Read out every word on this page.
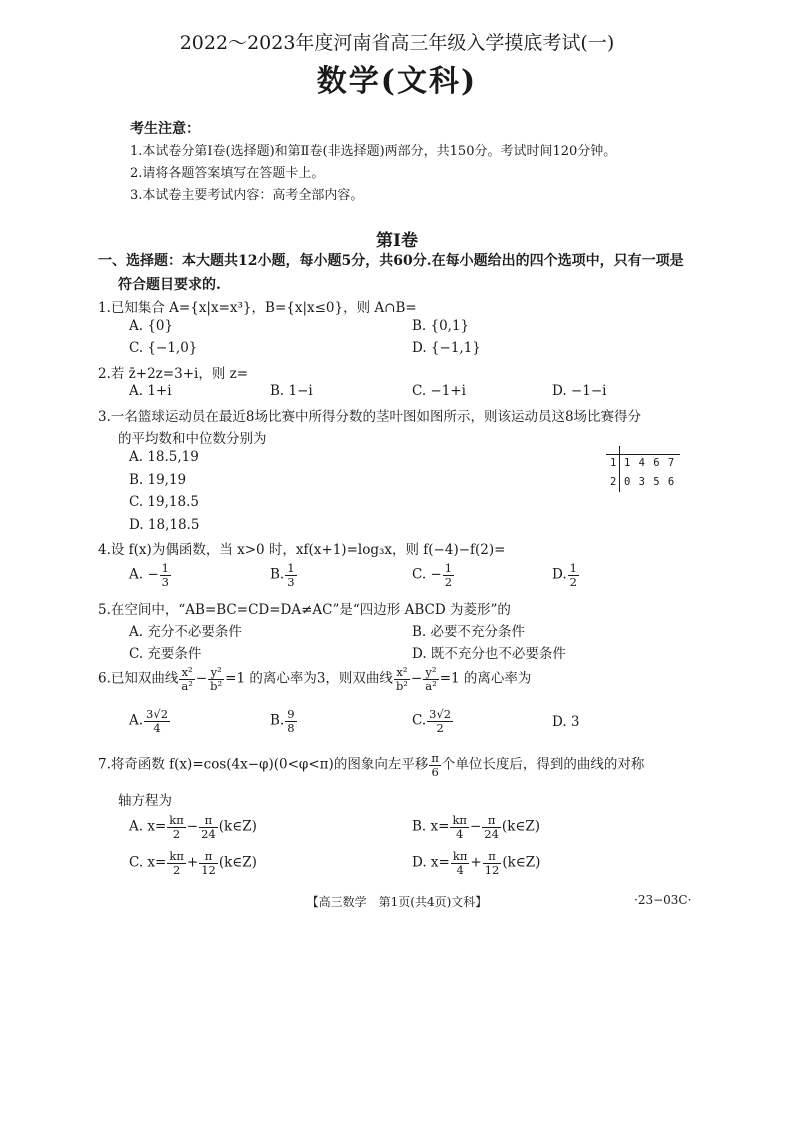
2022～2023年度河南省高三年级入学摸底考试(一)
数学(文科)
考生注意：
1.本试卷分第Ⅰ卷(选择题)和第Ⅱ卷(非选择题)两部分，共150分。考试时间120分钟。
2.请将各题答案填写在答题卡上。
3.本试卷主要考试内容：高考全部内容。
第Ⅰ卷
一、选择题：本大题共12小题，每小题5分，共60分.在每小题给出的四个选项中，只有一项是
符合题目要求的.
1.已知集合 A={x|x=x³}，B={x|x≤0}，则 A∩B=
A. {0}	B. {0,1}
C. {−1,0}	D. {−1,1}
2.若 z̄+2z=3+i，则 z=
A. 1+i	B. 1−i	C. −1+i	D. −1−i
3.一名篮球运动员在最近8场比赛中所得分数的茎叶图如图所示，则该运动员这8场比赛得分
的平均数和中位数分别为
A. 18.5,19
B. 19,19
C. 19,18.5
D. 18,18.5
1 1 4 6 7
2 0 3 5 6
4.设 f(x)为偶函数，当 x>0 时，xf(x+1)=log₃x，则 f(−4)−f(2)=
A. − $\frac{1}{3}$	B. $\frac{1}{3}$	C. − $\frac{1}{2}$	D. $\frac{1}{2}$
5.在空间中，“AB=BC=CD=DA≠AC”是“四边形 ABCD 为菱形”的
A. 充分不必要条件	B. 必要不充分条件
C. 充要条件	D. 既不充分也不必要条件
6.已知双曲线 $\frac{\text{x²}}{\text{a²}} - \frac{\text{y²}}{\text{b²}} =1$ 的离心率为3，则双曲线 $\frac{\text{x²}}{\text{b²}} - \frac{\text{y²}}{\text{a²}} =1$ 的离心率为
A. $\frac{3√2}{4}$	B. $\frac{9}{8}$	C. $\frac{3√2}{2}$	D. 3
7.将奇函数 f(x)=cos(4x−φ)(0<φ<π)的图象向左平移 $\frac{\pi}{6}$ 个单位长度后，得到的曲线的对称
轴方程为
A. $x= \frac{k\pi}{2} - \frac{\pi}{24}$ (k∈Z)	B. $x= \frac{k\pi}{4} - \frac{\pi}{24}$ (k∈Z)
C. $x= \frac{k\pi}{2} + \frac{\pi}{12}$ (k∈Z)	D. $x= \frac{k\pi}{4} + \frac{\pi}{12}$ (k∈Z)
【高三数学　第1页(共4页)文科】	·23−03C·
